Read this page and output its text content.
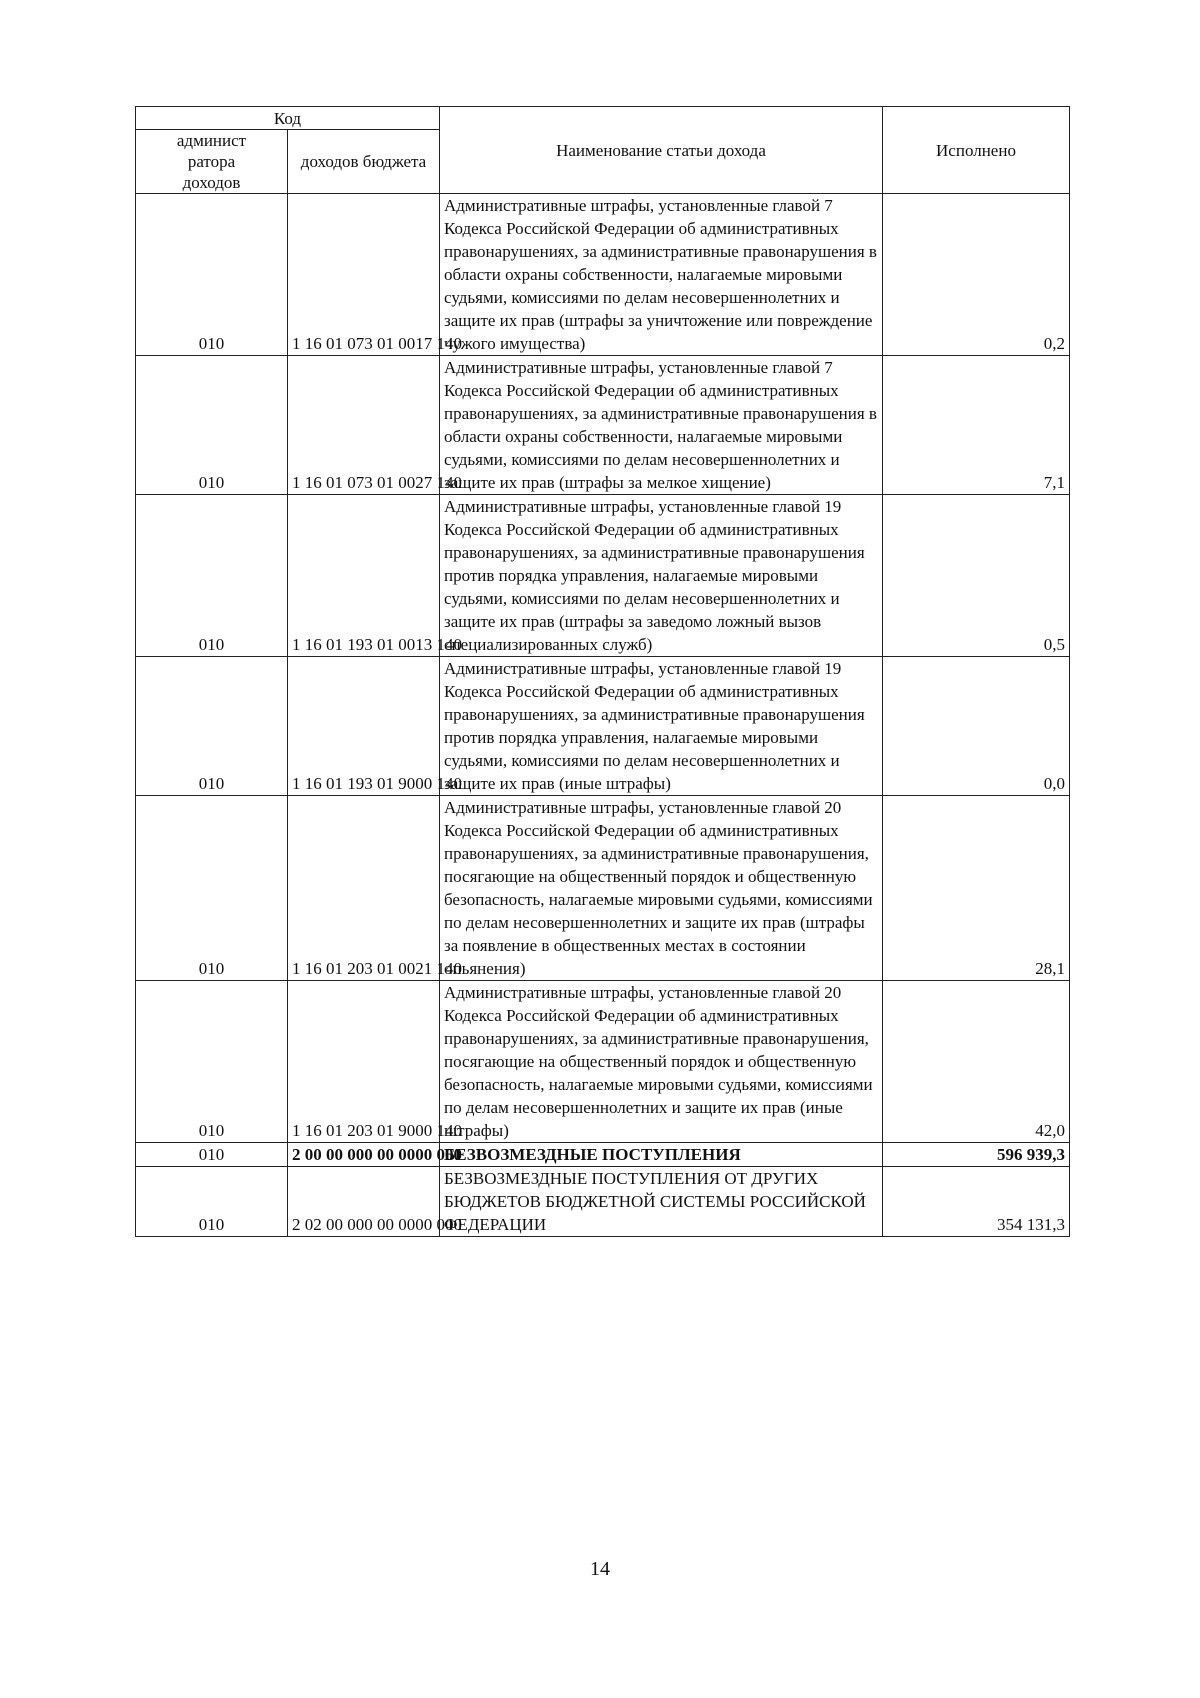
Код		Наименование статьи дохода	Исполнено
админист
ратора
доходов	доходов бюджета		
010	1 16 01 073 01 0017 140	Административные штрафы, установленные главой 7 Кодекса Российской Федерации об административных правонарушениях, за административные правонарушения в области охраны собственности, налагаемые мировыми судьями, комиссиями по делам несовершеннолетних и защите их прав (штрафы за уничтожение или повреждение чужого имущества)	0,2
010	1 16 01 073 01 0027 140	Административные штрафы, установленные главой 7 Кодекса Российской Федерации об административных правонарушениях, за административные правонарушения в области охраны собственности, налагаемые мировыми судьями, комиссиями по делам несовершеннолетних и защите их прав (штрафы за мелкое хищение)	7,1
010	1 16 01 193 01 0013 140	Административные штрафы, установленные главой 19 Кодекса Российской Федерации об административных правонарушениях, за административные правонарушения против порядка управления, налагаемые мировыми судьями, комиссиями по делам несовершеннолетних и защите их прав (штрафы за заведомо ложный вызов специализированных служб)	0,5
010	1 16 01 193 01 9000 140	Административные штрафы, установленные главой 19 Кодекса Российской Федерации об административных правонарушениях, за административные правонарушения против порядка управления, налагаемые мировыми судьями, комиссиями по делам несовершеннолетних и защите их прав (иные штрафы)	0,0
010	1 16 01 203 01 0021 140	Административные штрафы, установленные главой 20 Кодекса Российской Федерации об административных правонарушениях, за административные правонарушения, посягающие на общественный порядок и общественную безопасность, налагаемые мировыми судьями, комиссиями по делам несовершеннолетних и защите их прав (штрафы за появление в общественных местах в состоянии опьянения)	28,1
010	1 16 01 203 01 9000 140	Административные штрафы, установленные главой 20 Кодекса Российской Федерации об административных правонарушениях, за административные правонарушения, посягающие на общественный порядок и общественную безопасность, налагаемые мировыми судьями, комиссиями по делам несовершеннолетних и защите их прав (иные штрафы)	42,0
010	2 00 00 000 00 0000 000	БЕЗВОЗМЕЗДНЫЕ ПОСТУПЛЕНИЯ	596 939,3
010	2 02 00 000 00 0000 000	БЕЗВОЗМЕЗДНЫЕ ПОСТУПЛЕНИЯ ОТ ДРУГИХ БЮДЖЕТОВ БЮДЖЕТНОЙ СИСТЕМЫ РОССИЙСКОЙ ФЕДЕРАЦИИ	354 131,3
14
